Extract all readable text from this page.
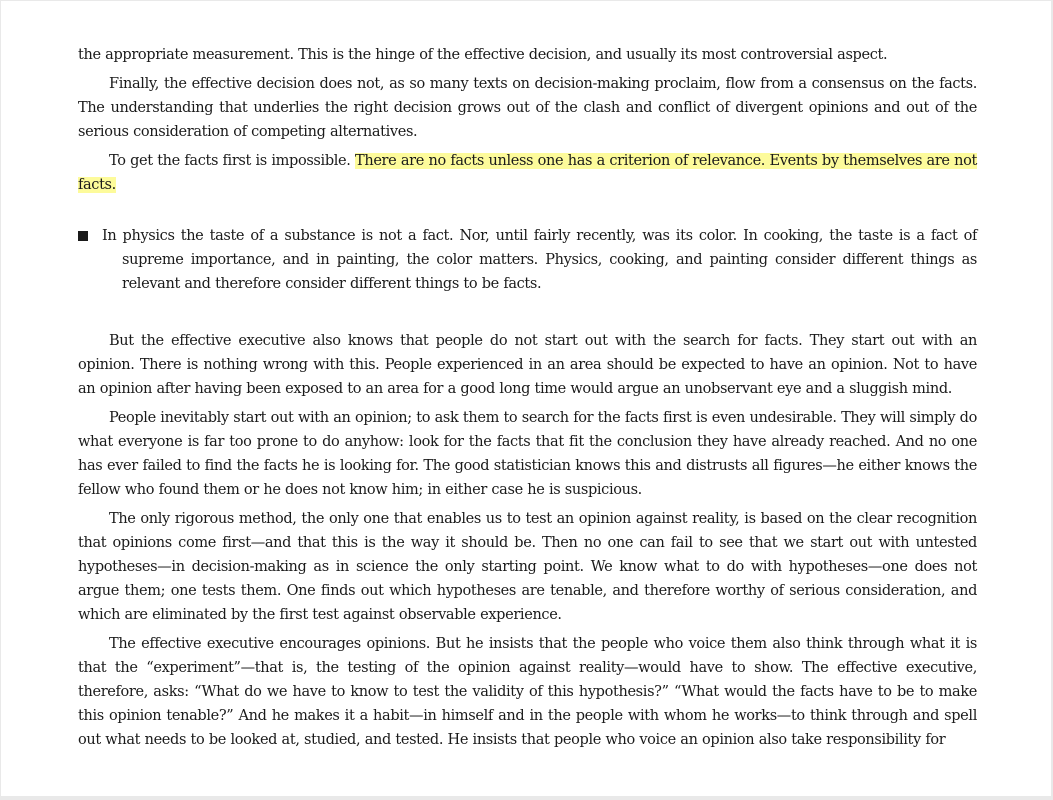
the appropriate measurement. This is the hinge of the effective decision, and usually its most controversial aspect.

Finally, the effective decision does not, as so many texts on decision-making proclaim, flow from a consensus on the facts. The understanding that underlies the right decision grows out of the clash and conflict of divergent opinions and out of the serious consideration of competing alternatives.

To get the facts first is impossible. There are no facts unless one has a criterion of relevance. Events by themselves are not facts.

In physics the taste of a substance is not a fact. Nor, until fairly recently, was its color. In cooking, the taste is a fact of supreme importance, and in painting, the color matters. Physics, cooking, and painting consider different things as relevant and therefore consider different things to be facts.

But the effective executive also knows that people do not start out with the search for facts. They start out with an opinion. There is nothing wrong with this. People experienced in an area should be expected to have an opinion. Not to have an opinion after having been exposed to an area for a good long time would argue an unobservant eye and a sluggish mind.

People inevitably start out with an opinion; to ask them to search for the facts first is even undesirable. They will simply do what everyone is far too prone to do anyhow: look for the facts that fit the conclusion they have already reached. And no one has ever failed to find the facts he is looking for. The good statistician knows this and distrusts all figures—he either knows the fellow who found them or he does not know him; in either case he is suspicious.

The only rigorous method, the only one that enables us to test an opinion against reality, is based on the clear recognition that opinions come first—and that this is the way it should be. Then no one can fail to see that we start out with untested hypotheses—in decision-making as in science the only starting point. We know what to do with hypotheses—one does not argue them; one tests them. One finds out which hypotheses are tenable, and therefore worthy of serious consideration, and which are eliminated by the first test against observable experience.

The effective executive encourages opinions. But he insists that the people who voice them also think through what it is that the “experiment”—that is, the testing of the opinion against reality—would have to show. The effective executive, therefore, asks: “What do we have to know to test the validity of this hypothesis?” “What would the facts have to be to make this opinion tenable?” And he makes it a habit—in himself and in the people with whom he works—to think through and spell out what needs to be looked at, studied, and tested. He insists that people who voice an opinion also take responsibility for
